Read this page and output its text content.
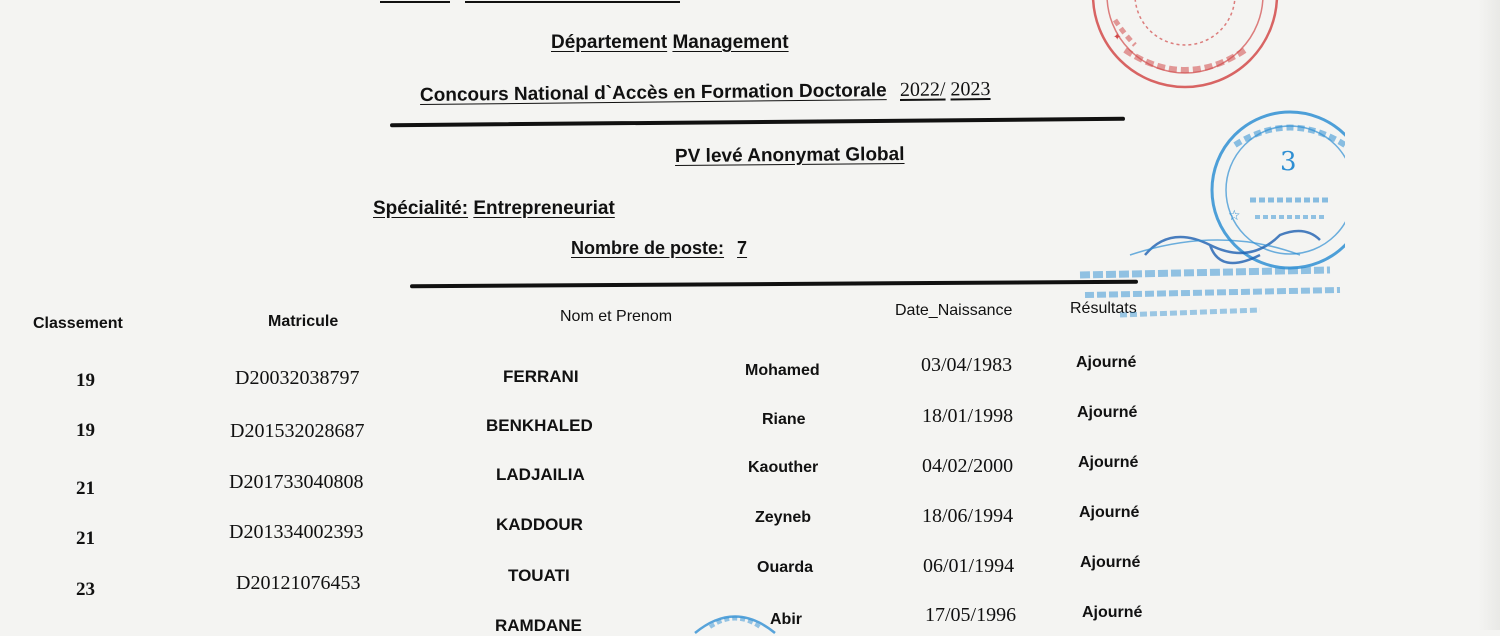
Département Management
Concours National d`Accès en Formation Doctorale 2022/ 2023
PV levé Anonymat Global
Spécialité: Entrepreneuriat
Nombre de poste: 7
Classement	Matricule	Nom et Prenom	Date_Naissance	Résultats
19	D20032038797	FERRANI	Mohamed	03/04/1983	Ajourné
19	D201532028687	BENKHALED	Riane	18/01/1998	Ajourné
21	D201733040808	LADJAILIA	Kaouther	04/02/2000	Ajourné
21	D201334002393	KADDOUR	Zeyneb	18/06/1994	Ajourné
23	D20121076453	TOUATI	Ouarda	06/01/1994	Ajourné
RAMDANE	Abir	17/05/1996	Ajourné
✦
☆
3
